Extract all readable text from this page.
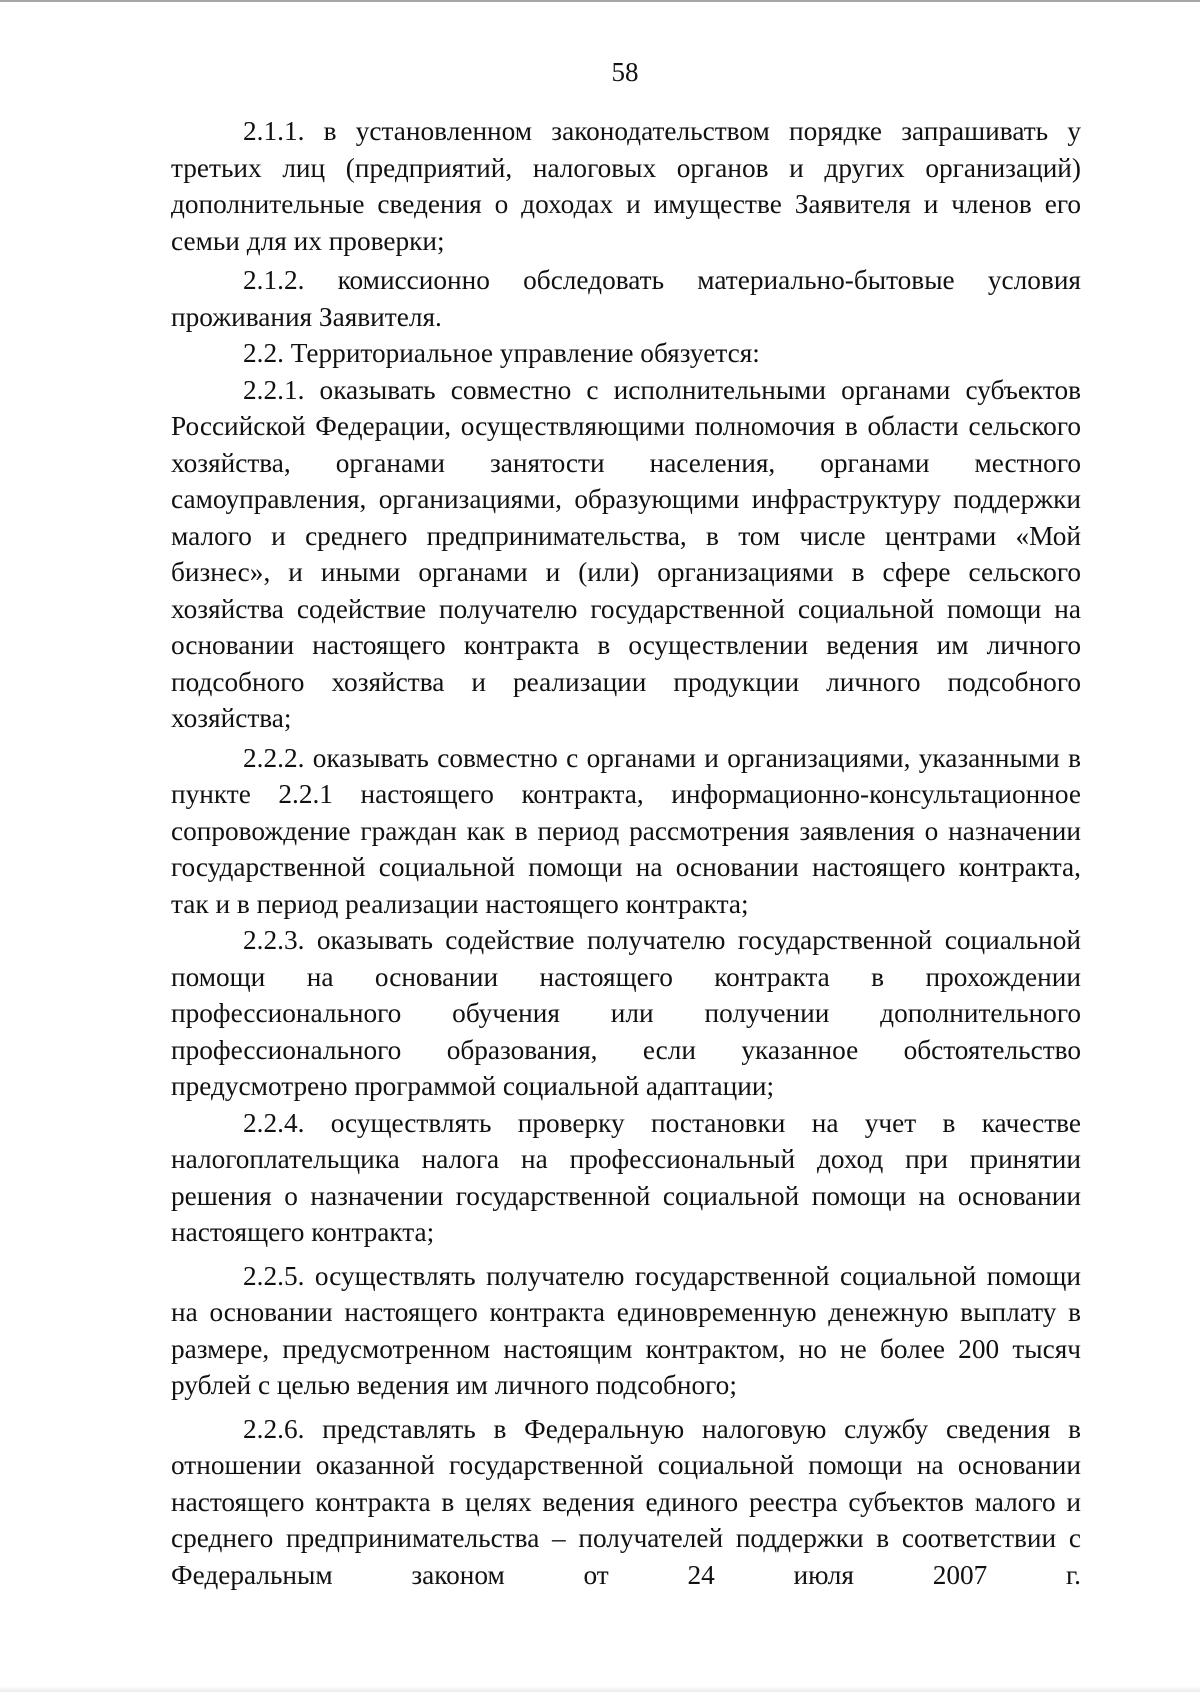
58

2.1.1. в установленном законодательством порядке запрашивать у третьих лиц (предприятий, налоговых органов и других организаций) дополнительные сведения о доходах и имуществе Заявителя и членов его семьи для их проверки;

2.1.2. комиссионно обследовать материально-бытовые условия проживания Заявителя.

2.2. Территориальное управление обязуется:

2.2.1. оказывать совместно с исполнительными органами субъектов Российской Федерации, осуществляющими полномочия в области сельского хозяйства, органами занятости населения, органами местного самоуправления, организациями, образующими инфраструктуру поддержки малого и среднего предпринимательства, в том числе центрами «Мой бизнес», и иными органами и (или) организациями в сфере сельского хозяйства содействие получателю государственной социальной помощи на основании настоящего контракта в осуществлении ведения им личного подсобного хозяйства и реализации продукции личного подсобного хозяйства;

2.2.2. оказывать совместно с органами и организациями, указанными в пункте 2.2.1 настоящего контракта, информационно-консультационное сопровождение граждан как в период рассмотрения заявления о назначении государственной социальной помощи на основании настоящего контракта, так и в период реализации настоящего контракта;

2.2.3. оказывать содействие получателю государственной социальной помощи на основании настоящего контракта в прохождении профессионального обучения или получении дополнительного профессионального образования, если указанное обстоятельство предусмотрено программой социальной адаптации;

2.2.4. осуществлять проверку постановки на учет в качестве налогоплательщика налога на профессиональный доход при принятии решения о назначении государственной социальной помощи на основании настоящего контракта;

2.2.5. осуществлять получателю государственной социальной помощи на основании настоящего контракта единовременную денежную выплату в размере, предусмотренном настоящим контрактом, но не более 200 тысяч рублей с целью ведения им личного подсобного;

2.2.6. представлять в Федеральную налоговую службу сведения в отношении оказанной государственной социальной помощи на основании настоящего контракта в целях ведения единого реестра субъектов малого и среднего предпринимательства – получателей поддержки в соответствии с Федеральным законом от 24 июля 2007 г.
